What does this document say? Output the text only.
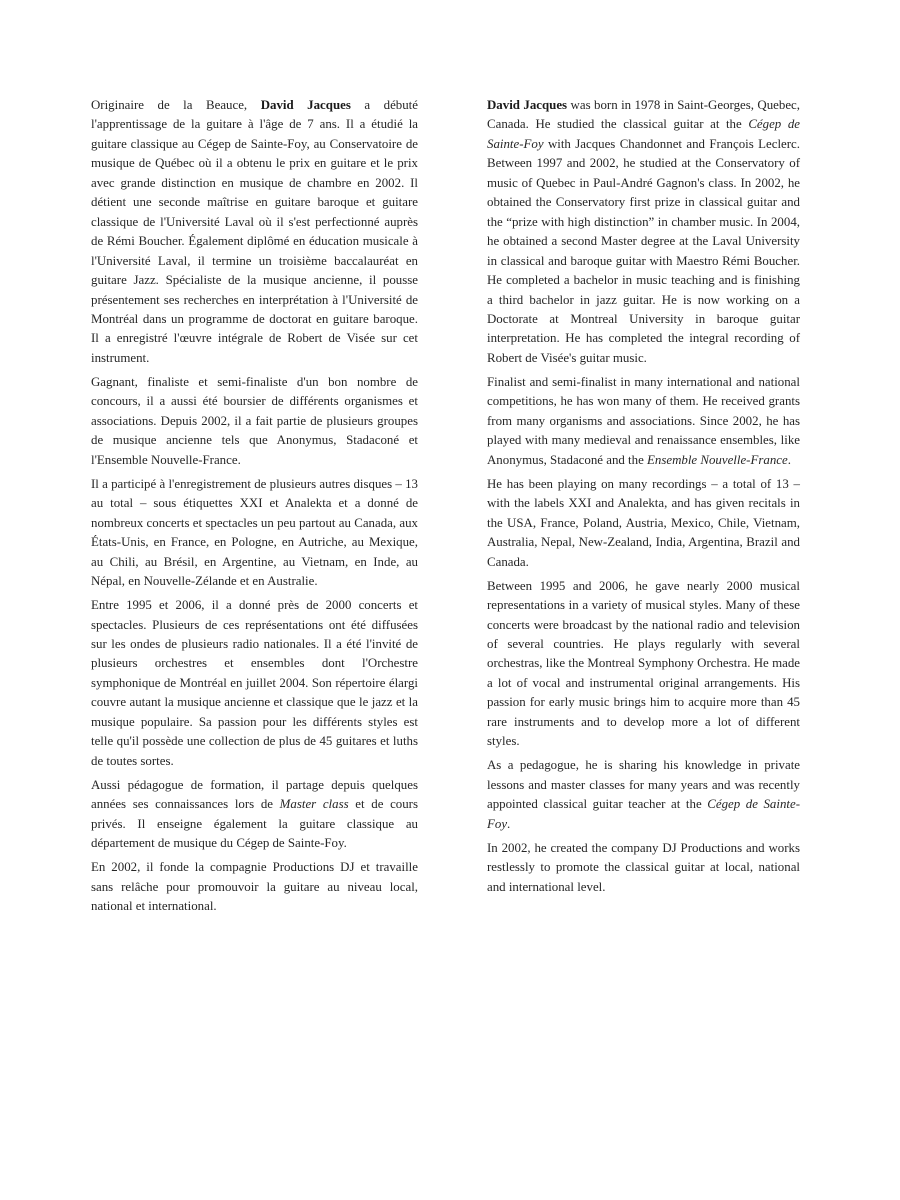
Originaire de la Beauce, David Jacques a débuté l'apprentissage de la guitare à l'âge de 7 ans. Il a étudié la guitare classique au Cégep de Sainte-Foy, au Conservatoire de musique de Québec où il a obtenu le prix en guitare et le prix avec grande distinction en musique de chambre en 2002. Il détient une seconde maîtrise en guitare baroque et guitare classique de l'Université Laval où il s'est perfectionné auprès de Rémi Boucher. Également diplômé en éducation musicale à l'Université Laval, il termine un troisième baccalauréat en guitare Jazz. Spécialiste de la musique ancienne, il pousse présentement ses recherches en interprétation à l'Université de Montréal dans un programme de doctorat en guitare baroque. Il a enregistré l'œuvre intégrale de Robert de Visée sur cet instrument.

Gagnant, finaliste et semi-finaliste d'un bon nombre de concours, il a aussi été boursier de différents organismes et associations. Depuis 2002, il a fait partie de plusieurs groupes de musique ancienne tels que Anonymus, Stadaconé et l'Ensemble Nouvelle-France.

Il a participé à l'enregistrement de plusieurs autres disques – 13 au total – sous étiquettes XXI et Analekta et a donné de nombreux concerts et spectacles un peu partout au Canada, aux États-Unis, en France, en Pologne, en Autriche, au Mexique, au Chili, au Brésil, en Argentine, au Vietnam, en Inde, au Népal, en Nouvelle-Zélande et en Australie.

Entre 1995 et 2006, il a donné près de 2000 concerts et spectacles. Plusieurs de ces représentations ont été diffusées sur les ondes de plusieurs radio nationales. Il a été l'invité de plusieurs orchestres et ensembles dont l'Orchestre symphonique de Montréal en juillet 2004. Son répertoire élargi couvre autant la musique ancienne et classique que le jazz et la musique populaire. Sa passion pour les différents styles est telle qu'il possède une collection de plus de 45 guitares et luths de toutes sortes.

Aussi pédagogue de formation, il partage depuis quelques années ses connaissances lors de Master class et de cours privés. Il enseigne également la guitare classique au département de musique du Cégep de Sainte-Foy.

En 2002, il fonde la compagnie Productions DJ et travaille sans relâche pour promouvoir la guitare au niveau local, national et international.

David Jacques was born in 1978 in Saint-Georges, Quebec, Canada. He studied the classical guitar at the Cégep de Sainte-Foy with Jacques Chandonnet and François Leclerc. Between 1997 and 2002, he studied at the Conservatory of music of Quebec in Paul-André Gagnon's class. In 2002, he obtained the Conservatory first prize in classical guitar and the “prize with high distinction” in chamber music. In 2004, he obtained a second Master degree at the Laval University in classical and baroque guitar with Maestro Rémi Boucher. He completed a bachelor in music teaching and is finishing a third bachelor in jazz guitar. He is now working on a Doctorate at Montreal University in baroque guitar interpretation. He has completed the integral recording of Robert de Visée's guitar music.

Finalist and semi-finalist in many international and national competitions, he has won many of them. He received grants from many organisms and associations. Since 2002, he has played with many medieval and renaissance ensembles, like Anonymus, Stadaconé and the Ensemble Nouvelle-France.

He has been playing on many recordings – a total of 13 – with the labels XXI and Analekta, and has given recitals in the USA, France, Poland, Austria, Mexico, Chile, Vietnam, Australia, Nepal, New-Zealand, India, Argentina, Brazil and Canada.

Between 1995 and 2006, he gave nearly 2000 musical representations in a variety of musical styles. Many of these concerts were broadcast by the national radio and television of several countries. He plays regularly with several orchestras, like the Montreal Symphony Orchestra. He made a lot of vocal and instrumental original arrangements. His passion for early music brings him to acquire more than 45 rare instruments and to develop more a lot of different styles.

As a pedagogue, he is sharing his knowledge in private lessons and master classes for many years and was recently appointed classical guitar teacher at the Cégep de Sainte-Foy.

In 2002, he created the company DJ Productions and works restlessly to promote the classical guitar at local, national and international level.
